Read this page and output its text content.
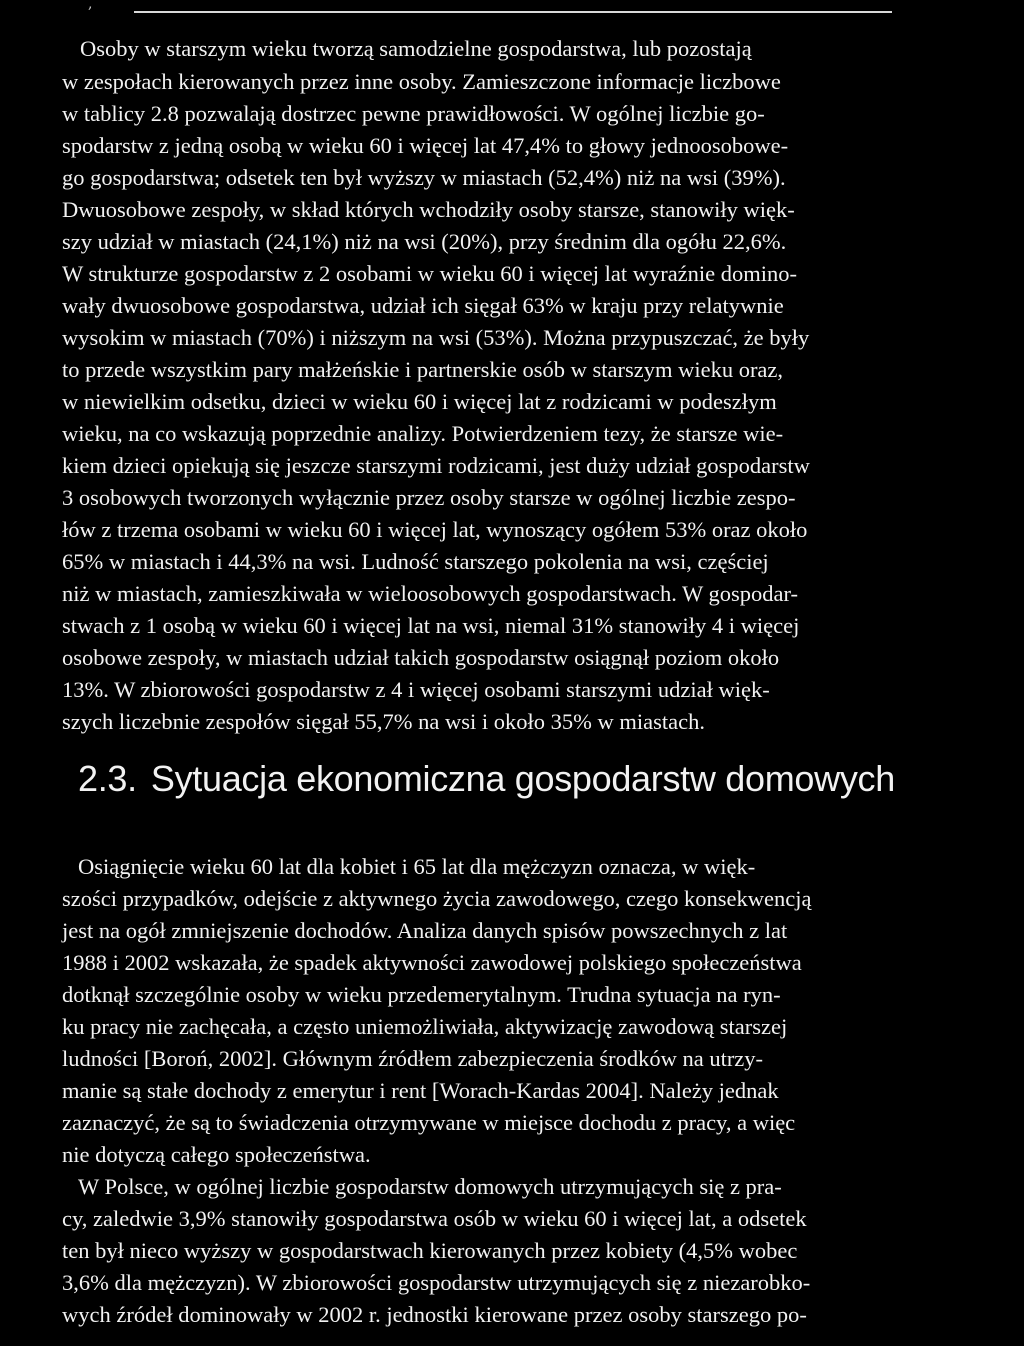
,
Osoby w starszym wieku tworzą samodzielne gospodarstwa, lub pozostają
w zespołach kierowanych przez inne osoby. Zamieszczone informacje liczbowe
w tablicy 2.8 pozwalają dostrzec pewne prawidłowości. W ogólnej liczbie go-
spodarstw z jedną osobą w wieku 60 i więcej lat 47,4% to głowy jednoosobowe-
go gospodarstwa; odsetek ten był wyższy w miastach (52,4%) niż na wsi (39%).
Dwuosobowe zespoły, w skład których wchodziły osoby starsze, stanowiły więk-
szy udział w miastach (24,1%) niż na wsi (20%), przy średnim dla ogółu 22,6%.
W strukturze gospodarstw z 2 osobami w wieku 60 i więcej lat wyraźnie domino-
wały dwuosobowe gospodarstwa, udział ich sięgał 63% w kraju przy relatywnie
wysokim w miastach (70%) i niższym na wsi (53%). Można przypuszczać, że były
to przede wszystkim pary małżeńskie i partnerskie osób w starszym wieku oraz,
w niewielkim odsetku, dzieci w wieku 60 i więcej lat z rodzicami w podeszłym
wieku, na co wskazują poprzednie analizy. Potwierdzeniem tezy, że starsze wie-
kiem dzieci opiekują się jeszcze starszymi rodzicami, jest duży udział gospodarstw
3 osobowych tworzonych wyłącznie przez osoby starsze w ogólnej liczbie zespo-
łów z trzema osobami w wieku 60 i więcej lat, wynoszący ogółem 53% oraz około
65% w miastach i 44,3% na wsi. Ludność starszego pokolenia na wsi, częściej
niż w miastach, zamieszkiwała w wieloosobowych gospodarstwach. W gospodar-
stwach z 1 osobą w wieku 60 i więcej lat na wsi, niemal 31% stanowiły 4 i więcej
osobowe zespoły, w miastach udział takich gospodarstw osiągnął poziom około
13%. W zbiorowości gospodarstw z 4 i więcej osobami starszymi udział więk-
szych liczebnie zespołów sięgał 55,7% na wsi i około 35% w miastach.
2.3. Sytuacja ekonomiczna gospodarstw domowych
Osiągnięcie wieku 60 lat dla kobiet i 65 lat dla mężczyzn oznacza, w więk-
szości przypadków, odejście z aktywnego życia zawodowego, czego konsekwencją
jest na ogół zmniejszenie dochodów. Analiza danych spisów powszechnych z lat
1988 i 2002 wskazała, że spadek aktywności zawodowej polskiego społeczeństwa
dotknął szczególnie osoby w wieku przedemerytalnym. Trudna sytuacja na ryn-
ku pracy nie zachęcała, a często uniemożliwiała, aktywizację zawodową starszej
ludności [Boroń, 2002]. Głównym źródłem zabezpieczenia środków na utrzy-
manie są stałe dochody z emerytur i rent [Worach-Kardas 2004]. Należy jednak
zaznaczyć, że są to świadczenia otrzymywane w miejsce dochodu z pracy, a więc
nie dotyczą całego społeczeństwa.
W Polsce, w ogólnej liczbie gospodarstw domowych utrzymujących się z pra-
cy, zaledwie 3,9% stanowiły gospodarstwa osób w wieku 60 i więcej lat, a odsetek
ten był nieco wyższy w gospodarstwach kierowanych przez kobiety (4,5% wobec
3,6% dla mężczyzn). W zbiorowości gospodarstw utrzymujących się z niezarobko-
wych źródeł dominowały w 2002 r. jednostki kierowane przez osoby starszego po-
